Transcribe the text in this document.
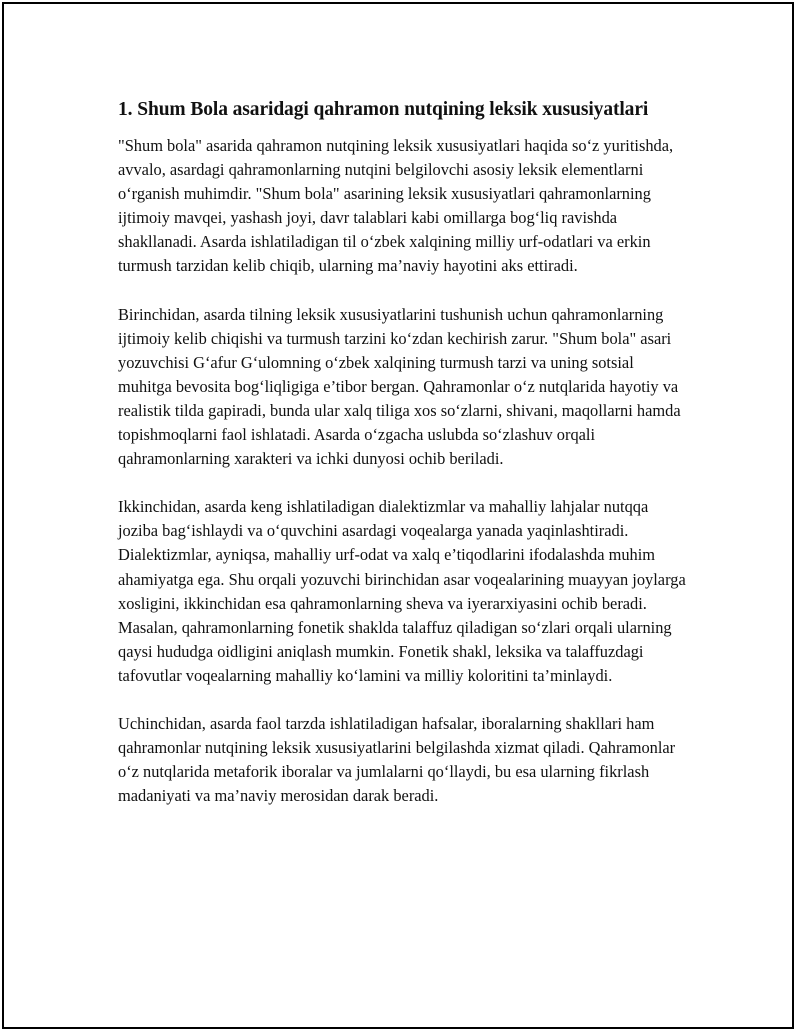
1. Shum Bola asaridagi qahramon nutqining leksik xususiyatlari

"Shum bola" asarida qahramon nutqining leksik xususiyatlari haqida so‘z yuritishda, avvalo, asardagi qahramonlarning nutqini belgilovchi asosiy leksik elementlarni o‘rganish muhimdir. "Shum bola" asarining leksik xususiyatlari qahramonlarning ijtimoiy mavqei, yashash joyi, davr talablari kabi omillarga bog‘liq ravishda shakllanadi. Asarda ishlatiladigan til o‘zbek xalqining milliy urf-odatlari va erkin turmush tarzidan kelib chiqib, ularning ma’naviy hayotini aks ettiradi.

Birinchidan, asarda tilning leksik xususiyatlarini tushunish uchun qahramonlarning ijtimoiy kelib chiqishi va turmush tarzini ko‘zdan kechirish zarur. "Shum bola" asari yozuvchisi G‘afur G‘ulomning o‘zbek xalqining turmush tarzi va uning sotsial muhitga bevosita bog‘liqligiga e’tibor bergan. Qahramonlar o‘z nutqlarida hayotiy va realistik tilda gapiradi, bunda ular xalq tiliga xos so‘zlarni, shivani, maqollarni hamda topishmoqlarni faol ishlatadi. Asarda o‘zgacha uslubda so‘zlashuv orqali qahramonlarning xarakteri va ichki dunyosi ochib beriladi.

Ikkinchidan, asarda keng ishlatiladigan dialektizmlar va mahalliy lahjalar nutqqa joziba bag‘ishlaydi va o‘quvchini asardagi voqealarga yanada yaqinlashtiradi. Dialektizmlar, ayniqsa, mahalliy urf-odat va xalq e’tiqodlarini ifodalashda muhim ahamiyatga ega. Shu orqali yozuvchi birinchidan asar voqealarining muayyan joylarga xosligini, ikkinchidan esa qahramonlarning sheva va iyerarxiyasini ochib beradi. Masalan, qahramonlarning fonetik shaklda talaffuz qiladigan so‘zlari orqali ularning qaysi hududga oidligini aniqlash mumkin. Fonetik shakl, leksika va talaffuzdagi tafovutlar voqealarning mahalliy ko‘lamini va milliy koloritini ta’minlaydi.

Uchinchidan, asarda faol tarzda ishlatiladigan hafsalar, iboralarning shakllari ham qahramonlar nutqining leksik xususiyatlarini belgilashda xizmat qiladi. Qahramonlar o‘z nutqlarida metaforik iboralar va jumlalarni qo‘llaydi, bu esa ularning fikrlash madaniyati va ma’naviy merosidan darak beradi.
